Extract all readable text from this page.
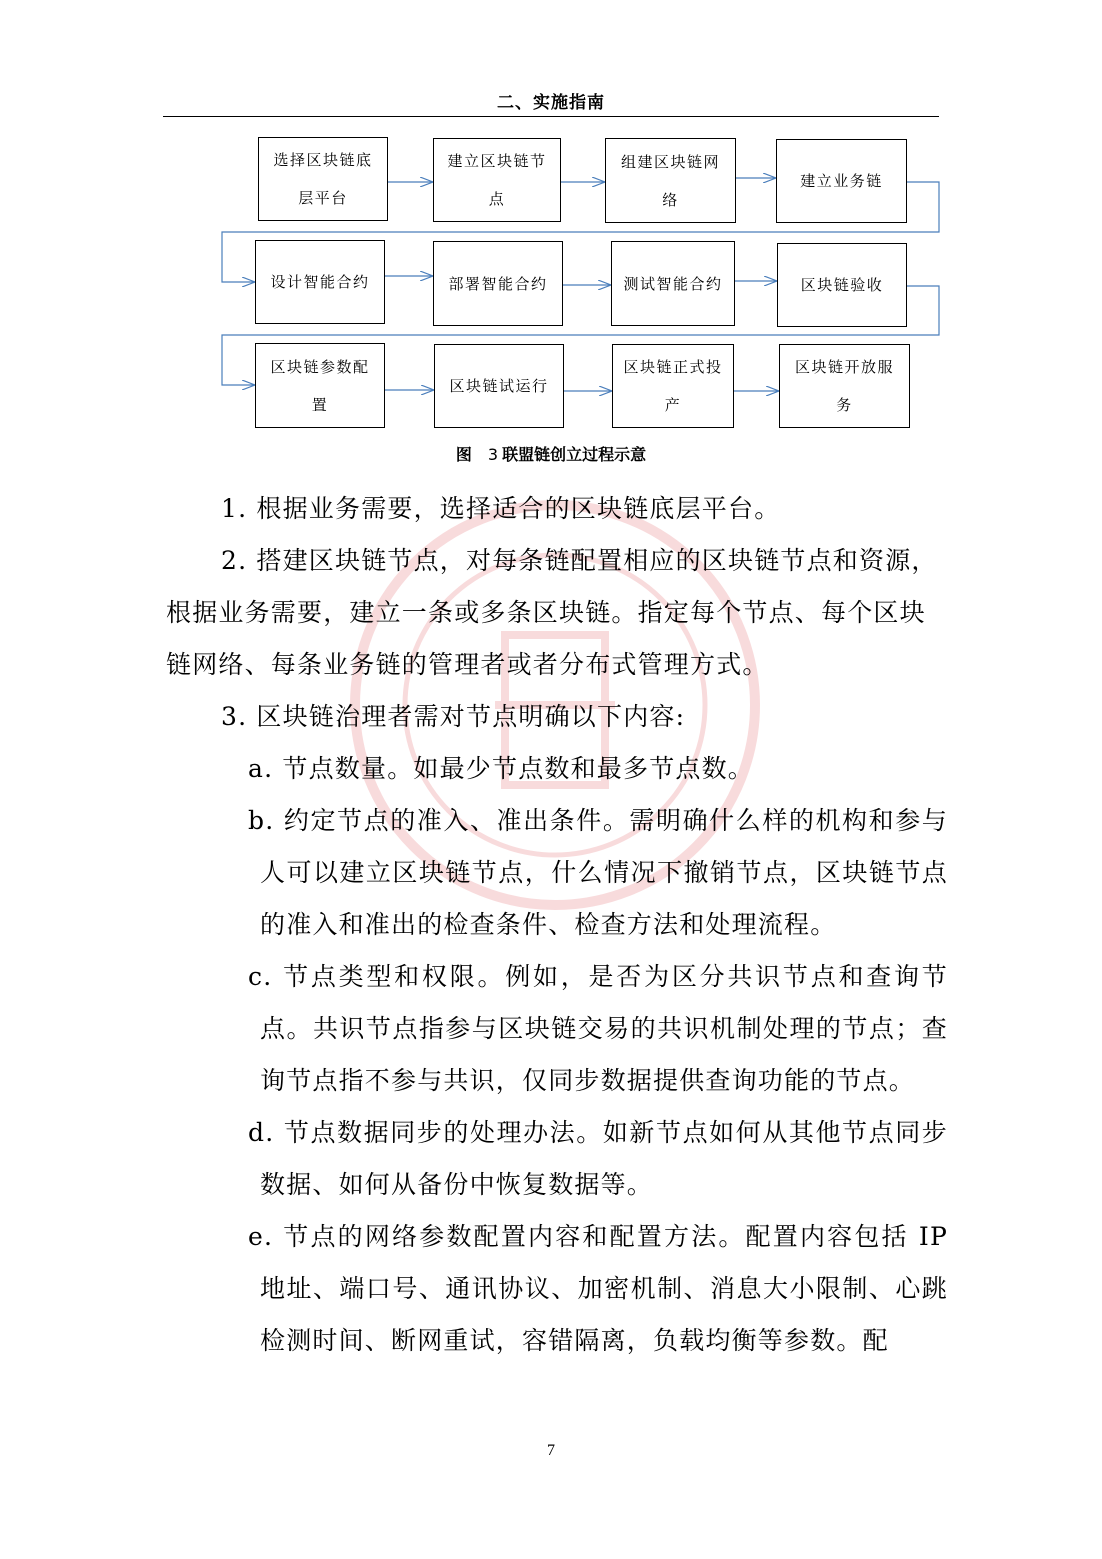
二、实施指南
选择区块链底层平台
建立区块链节点
组建区块链网络
建立业务链
设计智能合约	部署智能合约	测试智能合约	区块链验收
区块链参数配置
区块链试运行
区块链正式投产
区块链开放服务
图 3 联盟链创立过程示意

1. 根据业务需要，选择适合的区块链底层平台。

2. 搭建区块链节点，对每条链配置相应的区块链节点和资源，根据业务需要，建立一条或多条区块链。指定每个节点、每个区块链网络、每条业务链的管理者或者分布式管理方式。

3. 区块链治理者需对节点明确以下内容:

a. 节点数量。如最少节点数和最多节点数。

b. 约定节点的准入、准出条件。需明确什么样的机构和参与人可以建立区块链节点，什么情况下撤销节点，区块链节点的准入和准出的检查条件、检查方法和处理流程。

c. 节点类型和权限。例如，是否为区分共识节点和查询节点。共识节点指参与区块链交易的共识机制处理的节点；查询节点指不参与共识，仅同步数据提供查询功能的节点。

d. 节点数据同步的处理办法。如新节点如何从其他节点同步数据、如何从备份中恢复数据等。

e. 节点的网络参数配置内容和配置方法。配置内容包括 IP 地址、端口号、通讯协议、加密机制、消息大小限制、心跳检测时间、断网重试，容错隔离，负载均衡等参数。配

7
